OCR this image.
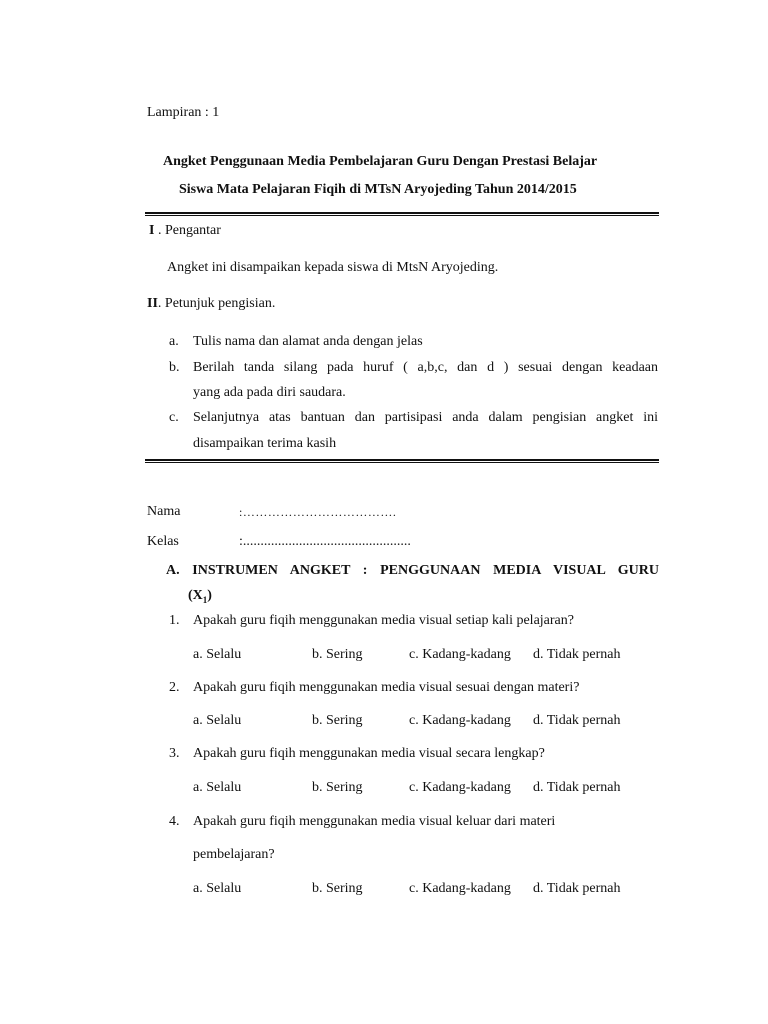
Lampiran : 1
Angket Penggunaan Media Pembelajaran Guru Dengan Prestasi Belajar
Siswa Mata Pelajaran Fiqih di MTsN Aryojeding Tahun 2014/2015
I . Pengantar
Angket ini disampaikan kepada siswa di MtsN Aryojeding.
II. Petunjuk pengisian.
a. Tulis nama dan alamat anda dengan jelas
b. Berilah tanda silang pada huruf ( a,b,c, dan d ) sesuai dengan keadaan
yang ada pada diri saudara.
c.	Selanjutnya atas bantuan dan partisipasi anda dalam pengisian angket ini
disampaikan terima kasih
Nama	:……………………………….
Kelas	:................................................
A. INSTRUMEN ANGKET : PENGGUNAAN MEDIA VISUAL GURU
$(X_1)$
1. Apakah guru fiqih menggunakan media visual setiap kali pelajaran?
a. Selalu	b. Sering	c. Kadang-kadang d. Tidak pernah
2. Apakah guru fiqih menggunakan media visual sesuai dengan materi?
a. Selalu	b. Sering	c. Kadang-kadang d. Tidak pernah
3. Apakah guru fiqih menggunakan media visual secara lengkap?
a. Selalu	b. Sering	c. Kadang-kadang d. Tidak pernah
4. Apakah guru fiqih menggunakan media visual keluar dari materi
pembelajaran?
a. Selalu	b. Sering	c. Kadang-kadang d. Tidak pernah
